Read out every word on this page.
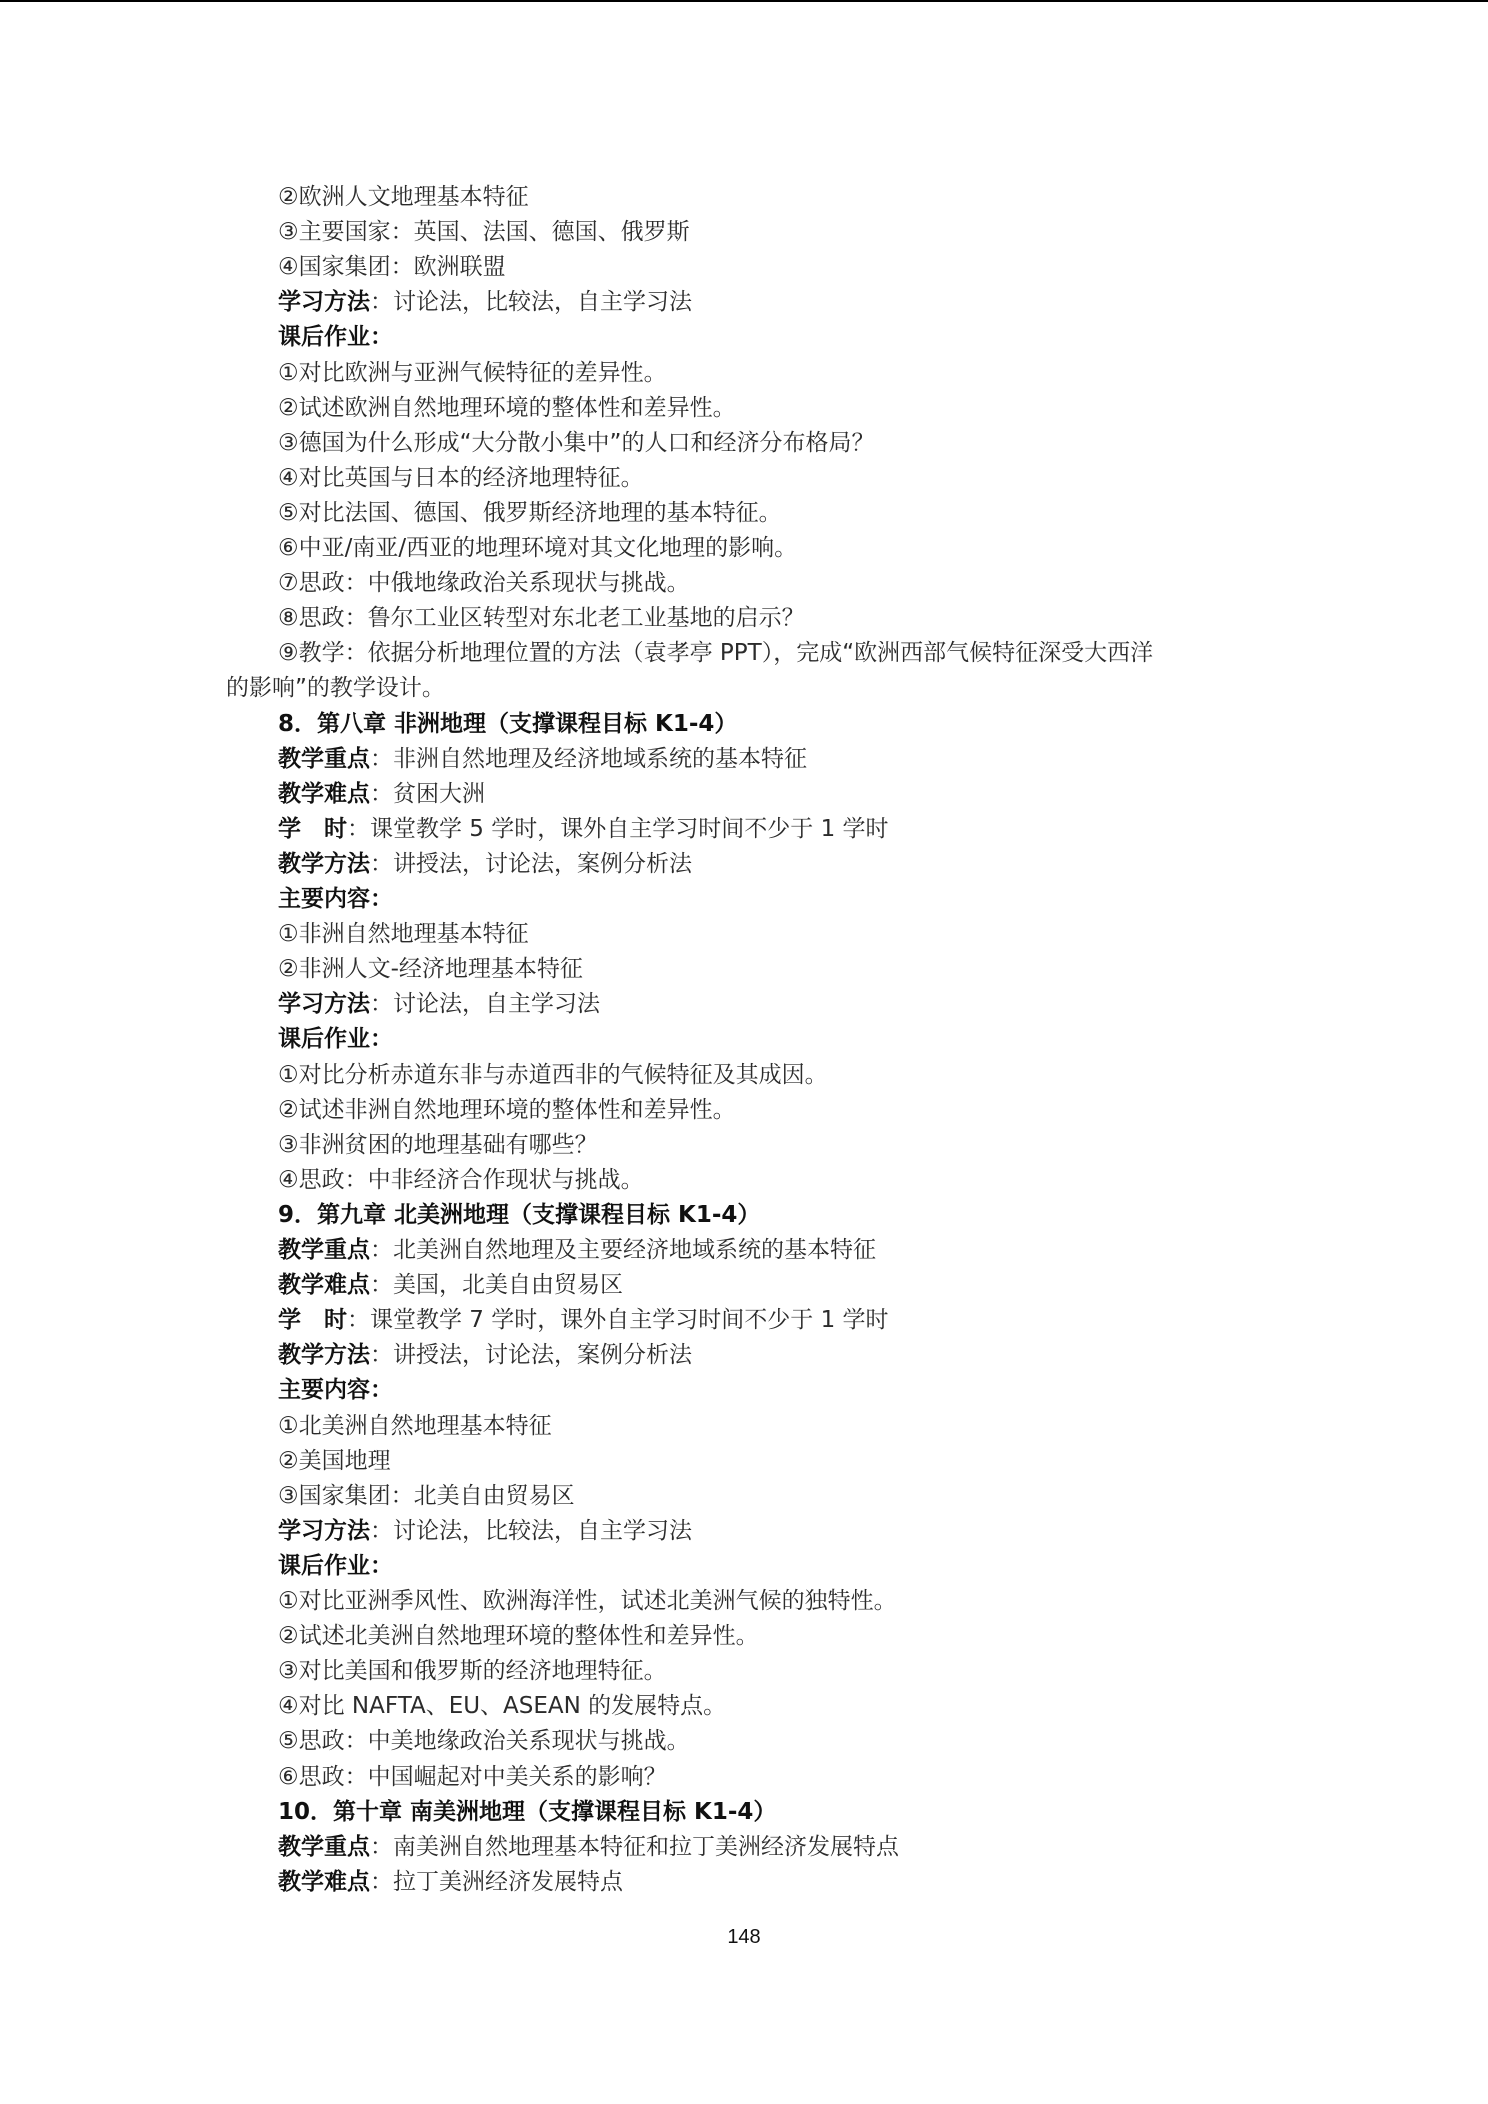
②欧洲人文地理基本特征
③主要国家：英国、法国、德国、俄罗斯
④国家集团：欧洲联盟
学习方法：讨论法，比较法，自主学习法
课后作业：
①对比欧洲与亚洲气候特征的差异性。
②试述欧洲自然地理环境的整体性和差异性。
③德国为什么形成“大分散小集中”的人口和经济分布格局？
④对比英国与日本的经济地理特征。
⑤对比法国、德国、俄罗斯经济地理的基本特征。
⑥中亚/南亚/西亚的地理环境对其文化地理的影响。
⑦思政：中俄地缘政治关系现状与挑战。
⑧思政：鲁尔工业区转型对东北老工业基地的启示？
⑨教学：依据分析地理位置的方法（袁孝亭 PPT），完成“欧洲西部气候特征深受大西洋
的影响”的教学设计。
8．第八章 非洲地理（支撑课程目标 K1-4）
教学重点：非洲自然地理及经济地域系统的基本特征
教学难点：贫困大洲
学　时：课堂教学 5 学时，课外自主学习时间不少于 1 学时
教学方法：讲授法，讨论法，案例分析法
主要内容：
①非洲自然地理基本特征
②非洲人文-经济地理基本特征
学习方法：讨论法，自主学习法
课后作业：
①对比分析赤道东非与赤道西非的气候特征及其成因。
②试述非洲自然地理环境的整体性和差异性。
③非洲贫困的地理基础有哪些？
④思政：中非经济合作现状与挑战。
9．第九章 北美洲地理（支撑课程目标 K1-4）
教学重点：北美洲自然地理及主要经济地域系统的基本特征
教学难点：美国，北美自由贸易区
学　时：课堂教学 7 学时，课外自主学习时间不少于 1 学时
教学方法：讲授法，讨论法，案例分析法
主要内容：
①北美洲自然地理基本特征
②美国地理
③国家集团：北美自由贸易区
学习方法：讨论法，比较法，自主学习法
课后作业：
①对比亚洲季风性、欧洲海洋性，试述北美洲气候的独特性。
②试述北美洲自然地理环境的整体性和差异性。
③对比美国和俄罗斯的经济地理特征。
④对比 NAFTA、EU、ASEAN 的发展特点。
⑤思政：中美地缘政治关系现状与挑战。
⑥思政：中国崛起对中美关系的影响？
10．第十章 南美洲地理（支撑课程目标 K1-4）
教学重点：南美洲自然地理基本特征和拉丁美洲经济发展特点
教学难点：拉丁美洲经济发展特点
148
